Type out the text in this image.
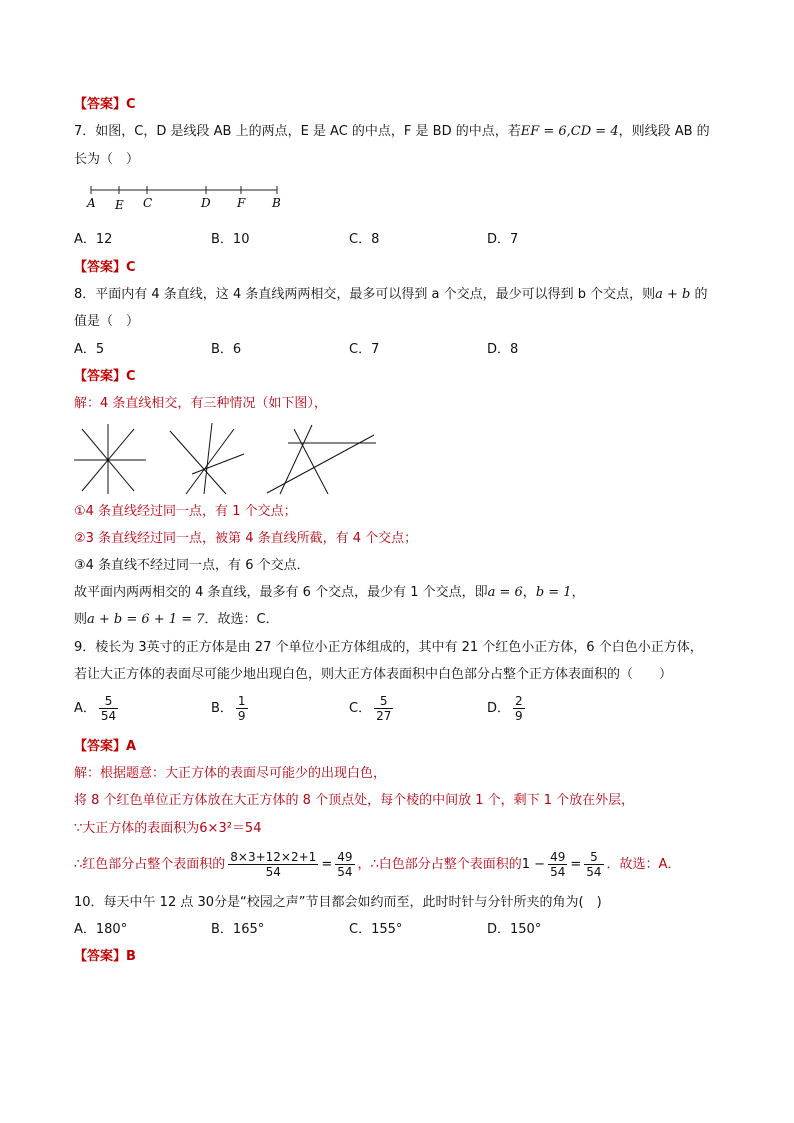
【答案】C
7．如图，C，D 是线段 AB 上的两点，E 是 AC 的中点，F 是 BD 的中点，若EF = 6,CD = 4，则线段 AB 的
长为（　）
A E C	D F B
A．12	B．10	C．8	D．7
【答案】C
8．平面内有 4 条直线，这 4 条直线两两相交，最多可以得到 a 个交点，最少可以得到 b 个交点，则a + b 的
值是（　）
A．5	B．6	C．7	D．8
【答案】C
解：4 条直线相交，有三种情况（如下图），
①4 条直线经过同一点，有 1 个交点；
②3 条直线经过同一点，被第 4 条直线所截，有 4 个交点；
③4 条直线不经过同一点，有 6 个交点．
故平面内两两相交的 4 条直线，最多有 6 个交点，最少有 1 个交点，即a = 6，b = 1，
则a + b = 6 + 1 = 7．故选：C．
9．棱长为 3英寸的正方体是由 27 个单位小正方体组成的，其中有 21 个红色小正方体，6 个白色小正方体，
若让大正方体的表面尽可能少地出现白色，则大正方体表面积中白色部分占整个正方体表面积的（　　）
A． $\frac{5}{54}$	B． $\frac{1}{9}$	C． $\frac{5}{27}$	D． $\frac{2}{9}$
【答案】A
解：根据题意：大正方体的表面尽可能少的出现白色，
将 8 个红色单位正方体放在大正方体的 8 个顶点处，每个棱的中间放 1 个，剩下 1 个放在外层，
∵大正方体的表面积为6×3²＝54
∴红色部分占整个表面积的 $\frac{8\times 3+12\times 2+1}{54} = \frac{49}{54}$ ，∴白色部分占整个表面积的$1 - \frac{49}{54} = \frac{5}{54}$ ．故选：A．
10．每天中午 12 点 30分是“校园之声”节目都会如约而至，此时时针与分针所夹的角为(　)
A．180°	B．165°	C．155°	D．150°
【答案】B
